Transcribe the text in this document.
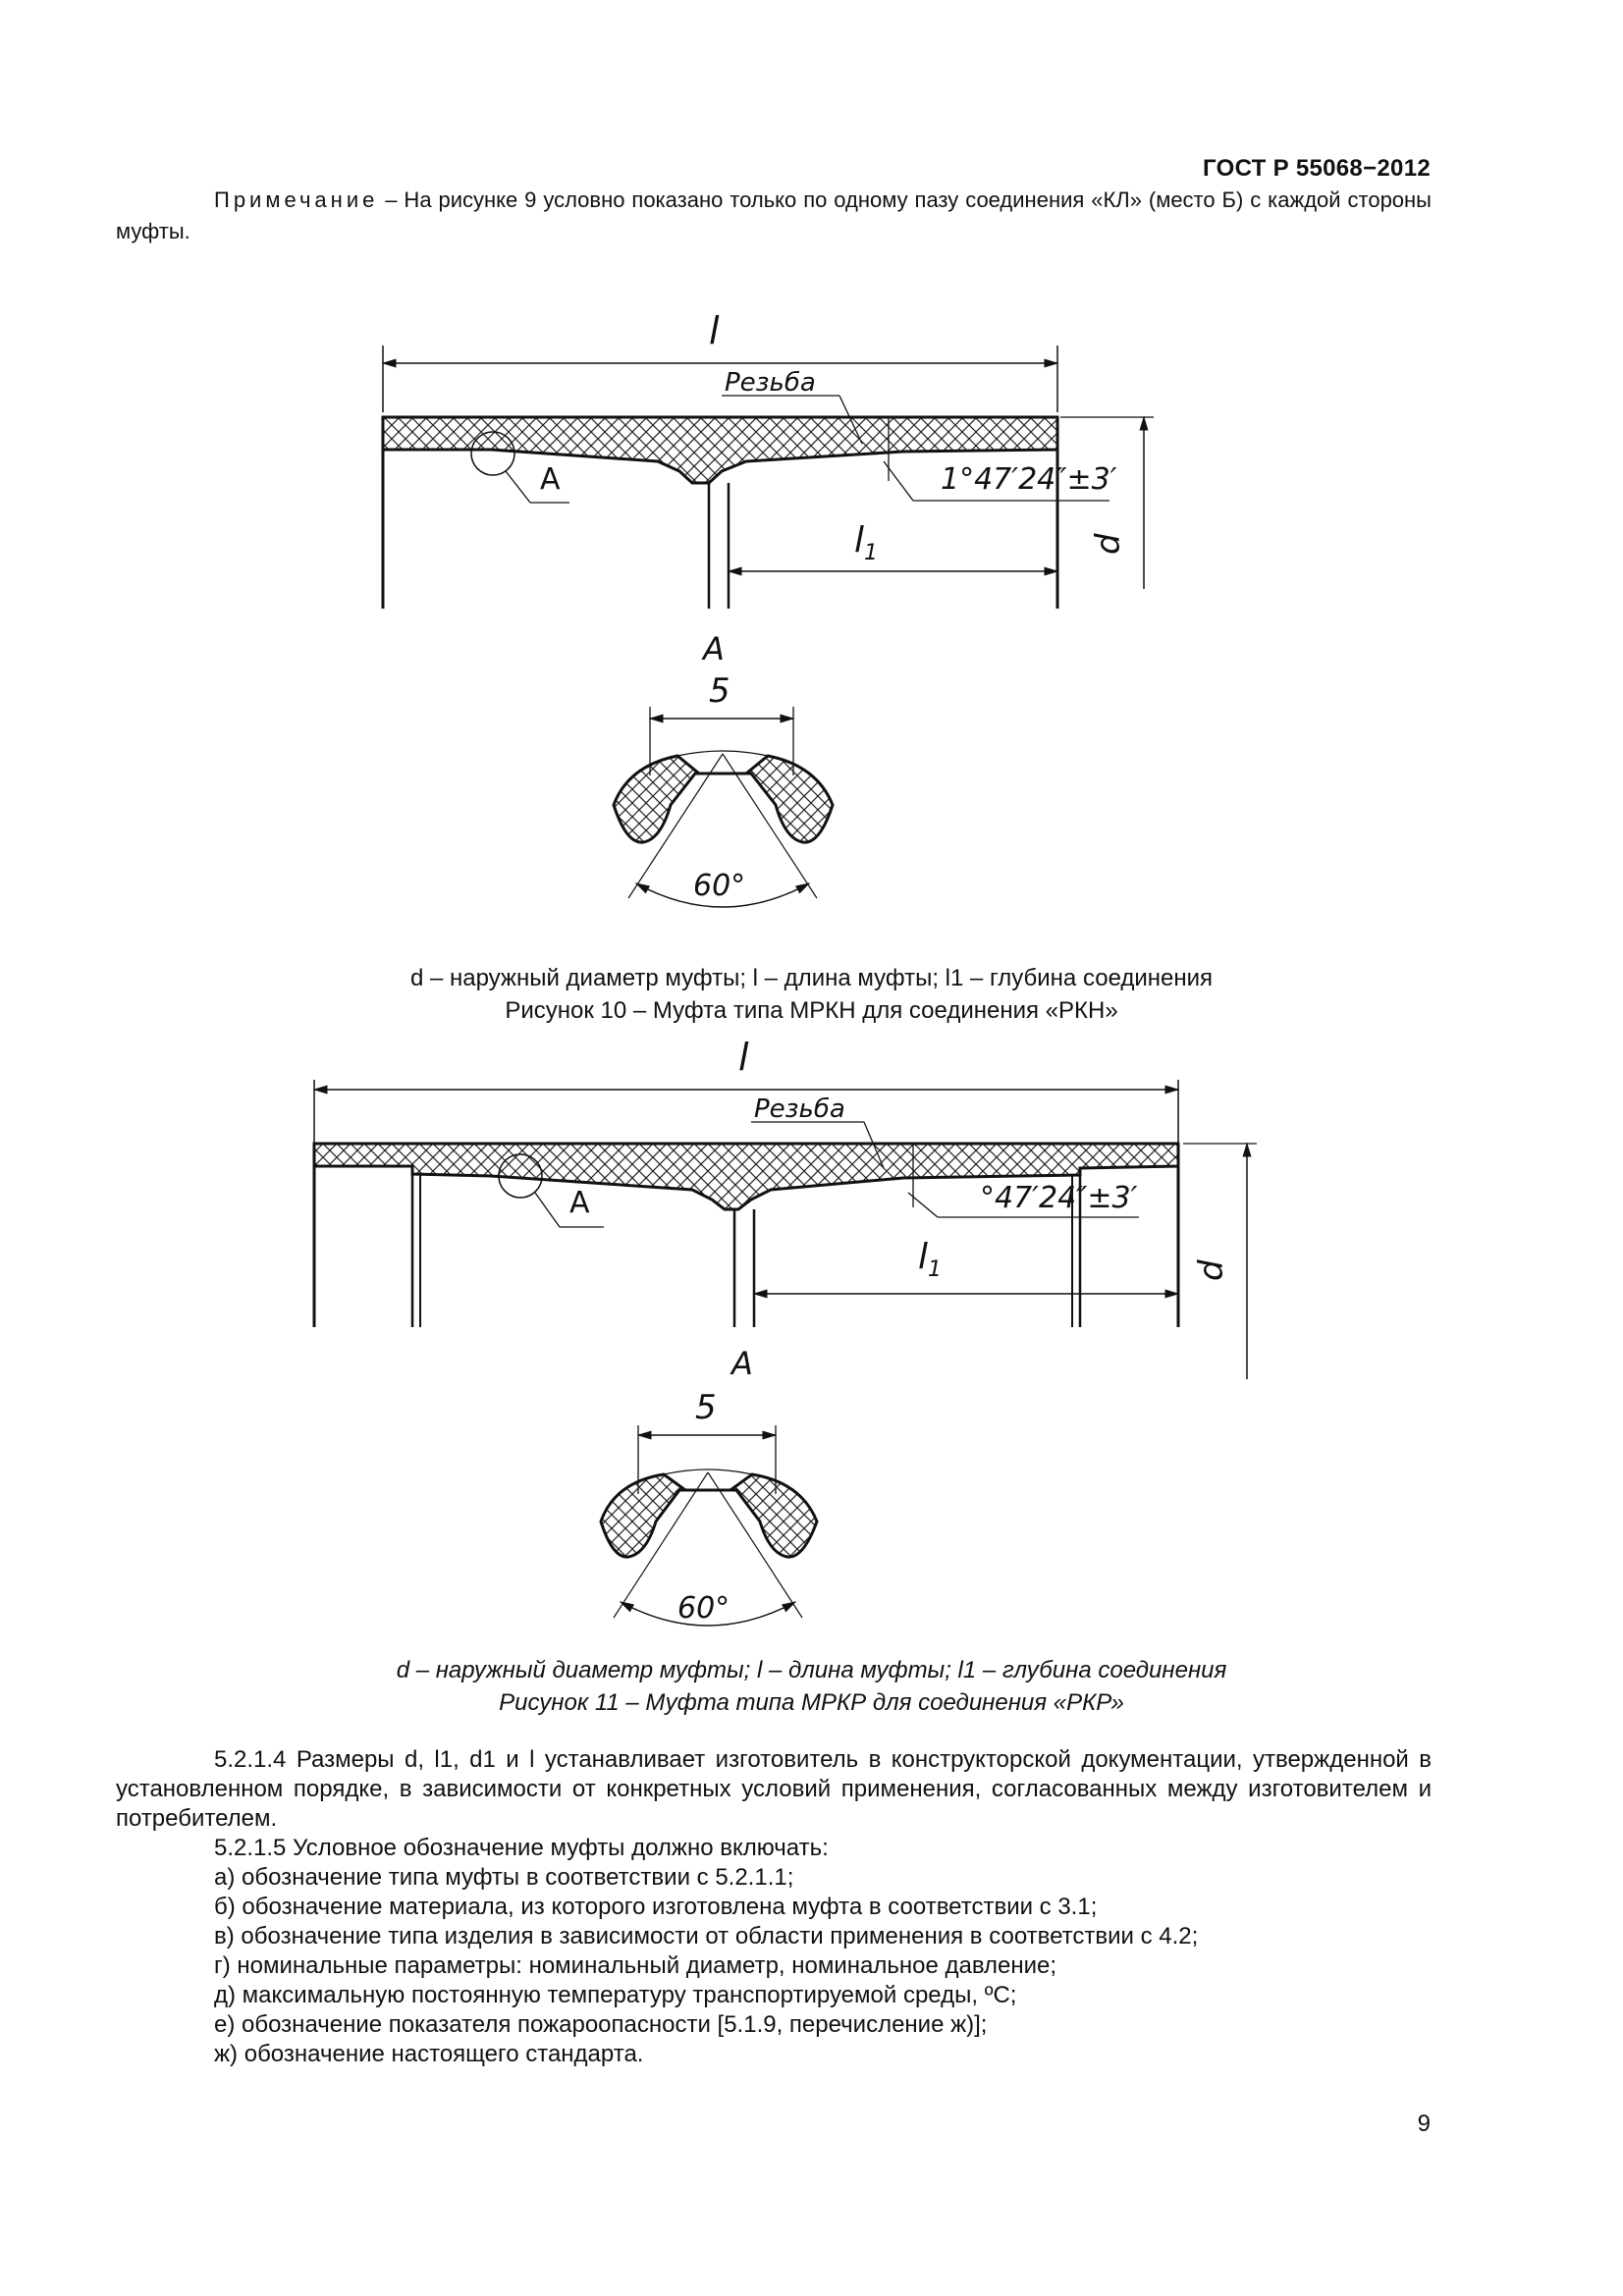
ГОСТ Р 55068−2012
Примечание – На рисунке 9 условно показано только по одному пазу соединения «КЛ» (место Б) с каждой стороны муфты.
l
Резьба
А	1°47′24″±3′
$l_1$	d
А
5
60°
d – наружный диаметр муфты; l – длина муфты; l1 – глубина соединения
Рисунок 10 – Муфта типа МРКН для соединения «РКН»
l
Резьба
А	°47′24″±3′
$l_1$	d
А
5
60°
d – наружный диаметр муфты; l – длина муфты; l1 – глубина соединения
Рисунок 11 – Муфта типа МРКР для соединения «РКР»

5.2.1.4 Размеры d, l1, d1 и l устанавливает изготовитель в конструкторской документации, утвержденной в установленном порядке, в зависимости от конкретных условий применения, согласованных между изготовителем и потребителем.

5.2.1.5 Условное обозначение муфты должно включать:

а) обозначение типа муфты в соответствии с 5.2.1.1;

б) обозначение материала, из которого изготовлена муфта в соответствии с 3.1;

в) обозначение типа изделия в зависимости от области применения в соответствии с 4.2;

г) номинальные параметры: номинальный диаметр, номинальное давление;

д) максимальную постоянную температуру транспортируемой среды, ºС;

е) обозначение показателя пожароопасности [5.1.9, перечисление ж)];

ж) обозначение настоящего стандарта.

9
